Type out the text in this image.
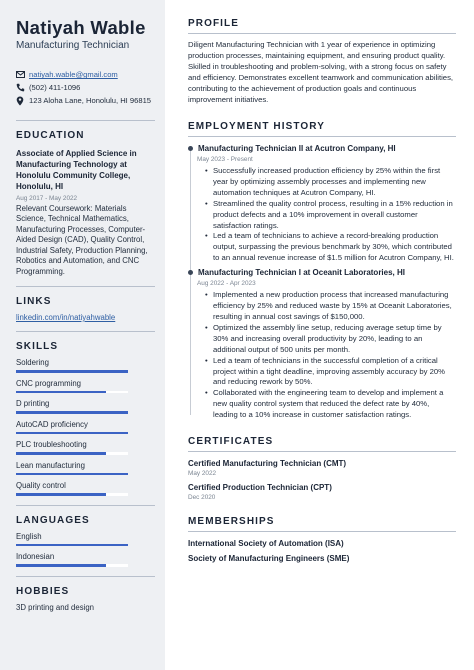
Natiyah Wable
Manufacturing Technician
natiyah.wable@gmail.com
(502) 411-1096
123 Aloha Lane, Honolulu, HI 96815
EDUCATION
Associate of Applied Science in Manufacturing Technology at Honolulu Community College, Honolulu, HI
Aug 2017 - May 2022
Relevant Coursework: Materials Science, Technical Mathematics, Manufacturing Processes, Computer-Aided Design (CAD), Quality Control, Industrial Safety, Production Planning, Robotics and Automation, and CNC Programming.
LINKS
linkedin.com/in/natiyahwable
SKILLS
Soldering
CNC programming
D printing
AutoCAD proficiency
PLC troubleshooting
Lean manufacturing
Quality control
LANGUAGES
English
Indonesian
HOBBIES
3D printing and design
PROFILE
Diligent Manufacturing Technician with 1 year of experience in optimizing production processes, maintaining equipment, and ensuring product quality. Skilled in troubleshooting and problem-solving, with a strong focus on safety and efficiency. Demonstrates excellent teamwork and communication abilities, contributing to the achievement of production goals and continuous improvement initiatives.
EMPLOYMENT HISTORY
Manufacturing Technician II at Acutron Company, HI
May 2023 - Present
• Successfully increased production efficiency by 25% within the first year by optimizing assembly processes and implementing new automation techniques at Acutron Company, HI.
• Streamlined the quality control process, resulting in a 15% reduction in product defects and a 10% improvement in overall customer satisfaction ratings.
• Led a team of technicians to achieve a record-breaking production output, surpassing the previous benchmark by 30%, which contributed to an annual revenue increase of $1.5 million for Acutron Company, HI.
Manufacturing Technician I at Oceanit Laboratories, HI
Aug 2022 - Apr 2023
• Implemented a new production process that increased manufacturing efficiency by 25% and reduced waste by 15% at Oceanit Laboratories, resulting in annual cost savings of $150,000.
• Optimized the assembly line setup, reducing average setup time by 30% and increasing overall productivity by 20%, leading to an additional output of 500 units per month.
• Led a team of technicians in the successful completion of a critical project within a tight deadline, improving assembly accuracy by 20% and reducing rework by 50%.
• Collaborated with the engineering team to develop and implement a new quality control system that reduced the defect rate by 40%, leading to a 10% increase in customer satisfaction ratings.
CERTIFICATES
Certified Manufacturing Technician (CMT)
May 2022
Certified Production Technician (CPT)
Dec 2020
MEMBERSHIPS
International Society of Automation (ISA)
Society of Manufacturing Engineers (SME)
